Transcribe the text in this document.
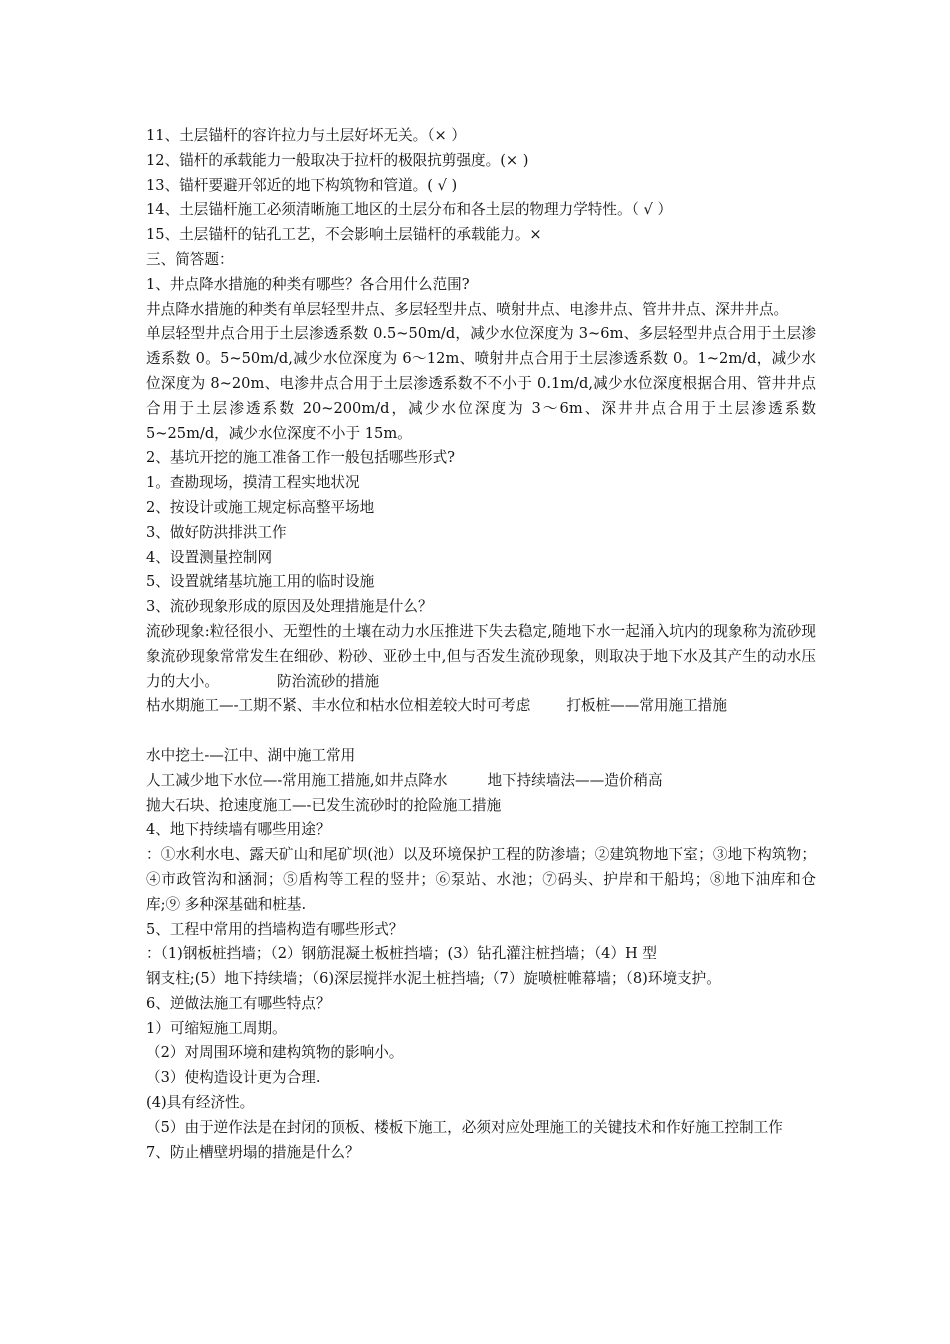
11、土层锚杆的容许拉力与土层好坏无关。（× ）
12、锚杆的承载能力一般取决于拉杆的极限抗剪强度。(× )
13、锚杆要避开邻近的地下构筑物和管道。( √ )
14、土层锚杆施工必须清晰施工地区的土层分布和各土层的物理力学特性。（ √ ）
15、土层锚杆的钻孔工艺，不会影响土层锚杆的承载能力。×
三、简答题：
1、井点降水措施的种类有哪些？各合用什么范围?
井点降水措施的种类有单层轻型井点、多层轻型井点、喷射井点、电渗井点、管井井点、深井井点。
单层轻型井点合用于土层渗透系数 0.5~50m/d，减少水位深度为 3~6m、多层轻型井点合用于土层渗透系数 0。5~50m/d,减少水位深度为 6～12m、喷射井点合用于土层渗透系数 0。1~2m/d，减少水位深度为 8~20m、电渗井点合用于土层渗透系数不不小于 0.1m/d,减少水位深度根据合用、管井井点合用于土层渗透系数 20~200m/d，减少水位深度为 3～6m、深井井点合用于土层渗透系数 5~25m/d，减少水位深度不小于 15m。
2、基坑开挖的施工准备工作一般包括哪些形式?
1。查勘现场，摸清工程实地状况
2、按设计或施工规定标高整平场地
3、做好防洪排洪工作
4、设置测量控制网
5、设置就绪基坑施工用的临时设施
3、流砂现象形成的原因及处理措施是什么？
流砂现象:粒径很小、无塑性的土壤在动力水压推进下失去稳定,随地下水一起涌入坑内的现象称为流砂现象流砂现象常常发生在细砂、粉砂、亚砂土中,但与否发生流砂现象，则取决于地下水及其产生的动水压力的大小。	防治流砂的措施
枯水期施工—-工期不紧、丰水位和枯水位相差较大时可考虑 打板桩——常用施工措施
水中挖土-—江中、湖中施工常用
人工减少地下水位—-常用施工措施,如井点降水	地下持续墙法——造价稍高
抛大石块、抢速度施工—-已发生流砂时的抢险施工措施
4、地下持续墙有哪些用途？
：①水利水电、露天矿山和尾矿坝(池）以及环境保护工程的防渗墙；②建筑物地下室；③地下构筑物；④市政管沟和涵洞；⑤盾构等工程的竖井；⑥泵站、水池；⑦码头、护岸和干船坞；⑧地下油库和仓库;⑨ 多种深基础和桩基.
5、工程中常用的挡墙构造有哪些形式？
：（1)钢板桩挡墙；（2）钢筋混凝土板桩挡墙；(3）钻孔灌注桩挡墙；（4）H 型
钢支柱;(5）地下持续墙；（6)深层搅拌水泥土桩挡墙;（7）旋喷桩帷幕墙；（8)环境支护。
6、逆做法施工有哪些特点？
1）可缩短施工周期。
（2）对周围环境和建构筑物的影响小。
（3）使构造设计更为合理.
(4)具有经济性。
（5）由于逆作法是在封闭的顶板、楼板下施工，必须对应处理施工的关键技术和作好施工控制工作
7、防止槽壁坍塌的措施是什么？
